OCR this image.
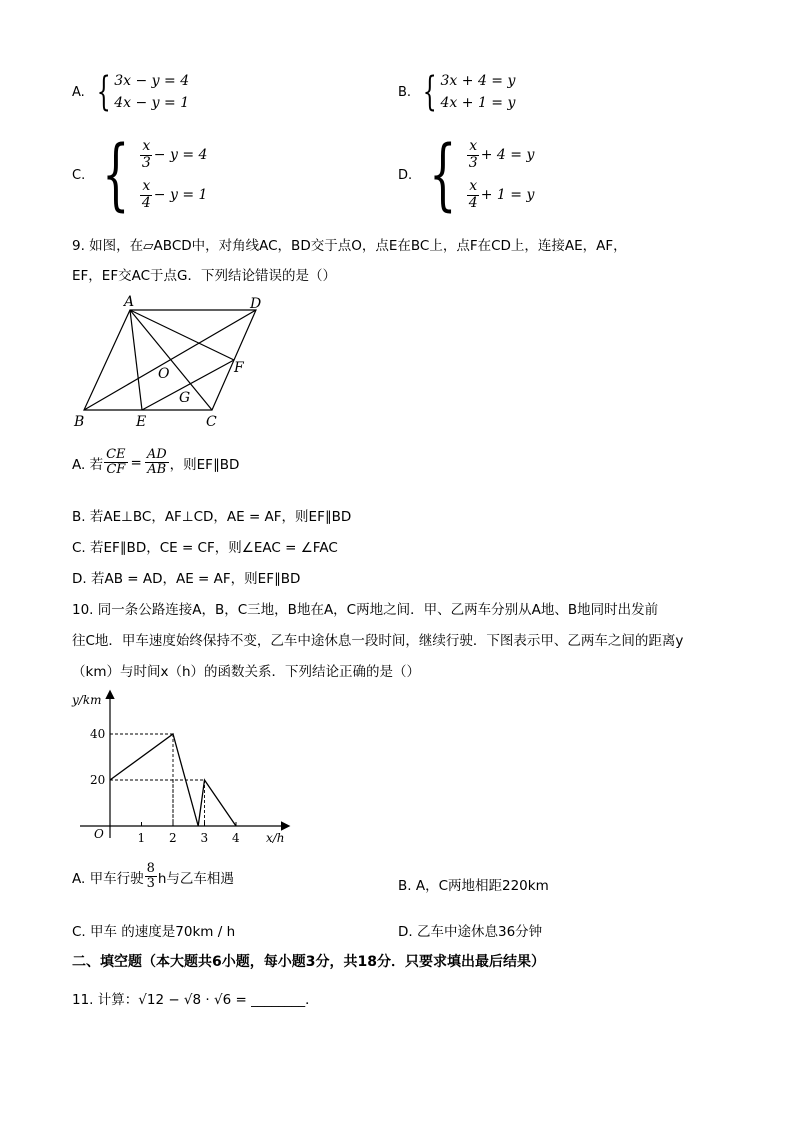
A. { 3x − y = 4
4x − y = 1
B. { 3x + 4 = y
4x + 1 = y
C. { $\frac{x}{3} - y = 4$
$\frac{x}{4} - y = 1$
D. { $\frac{x}{3} + 4 = y$
$\frac{x}{4} + 1 = y$
9. 如图，在▱ABCD中，对角线AC，BD交于点O，点E在BC上，点F在CD上，连接AE，AF，
EF，EF交AC于点G．下列结论错误的是（）
A	D
O	F
G
B	E	C
A. 若 $\frac{CE}{CF} = \frac{AD}{AB}$ ，则EF∥BD
B. 若AE⊥BC，AF⊥CD，AE = AF，则EF∥BD
C. 若EF∥BD，CE = CF，则∠EAC = ∠FAC
D. 若AB = AD，AE = AF，则EF∥BD
10. 同一条公路连接A，B，C三地，B地在A，C两地之间．甲、乙两车分别从A地、B地同时出发前
往C地．甲车速度始终保持不变，乙车中途休息一段时间，继续行驶．下图表示甲、乙两车之间的距离y
（km）与时间x（h）的函数关系．下列结论正确的是（）
1 2 3 4
20
40
y/km
x/h
O
A. 甲车行驶 $\frac{8}{3}$ h与乙车相遇	B. A，C两地相距220km
C. 甲车 的速度是70km / h	D. 乙车中途休息36分钟
二、填空题（本大题共6小题，每小题3分，共18分．只要求填出最后结果）
11. 计算：√12 − √8 · √6 = ________．
